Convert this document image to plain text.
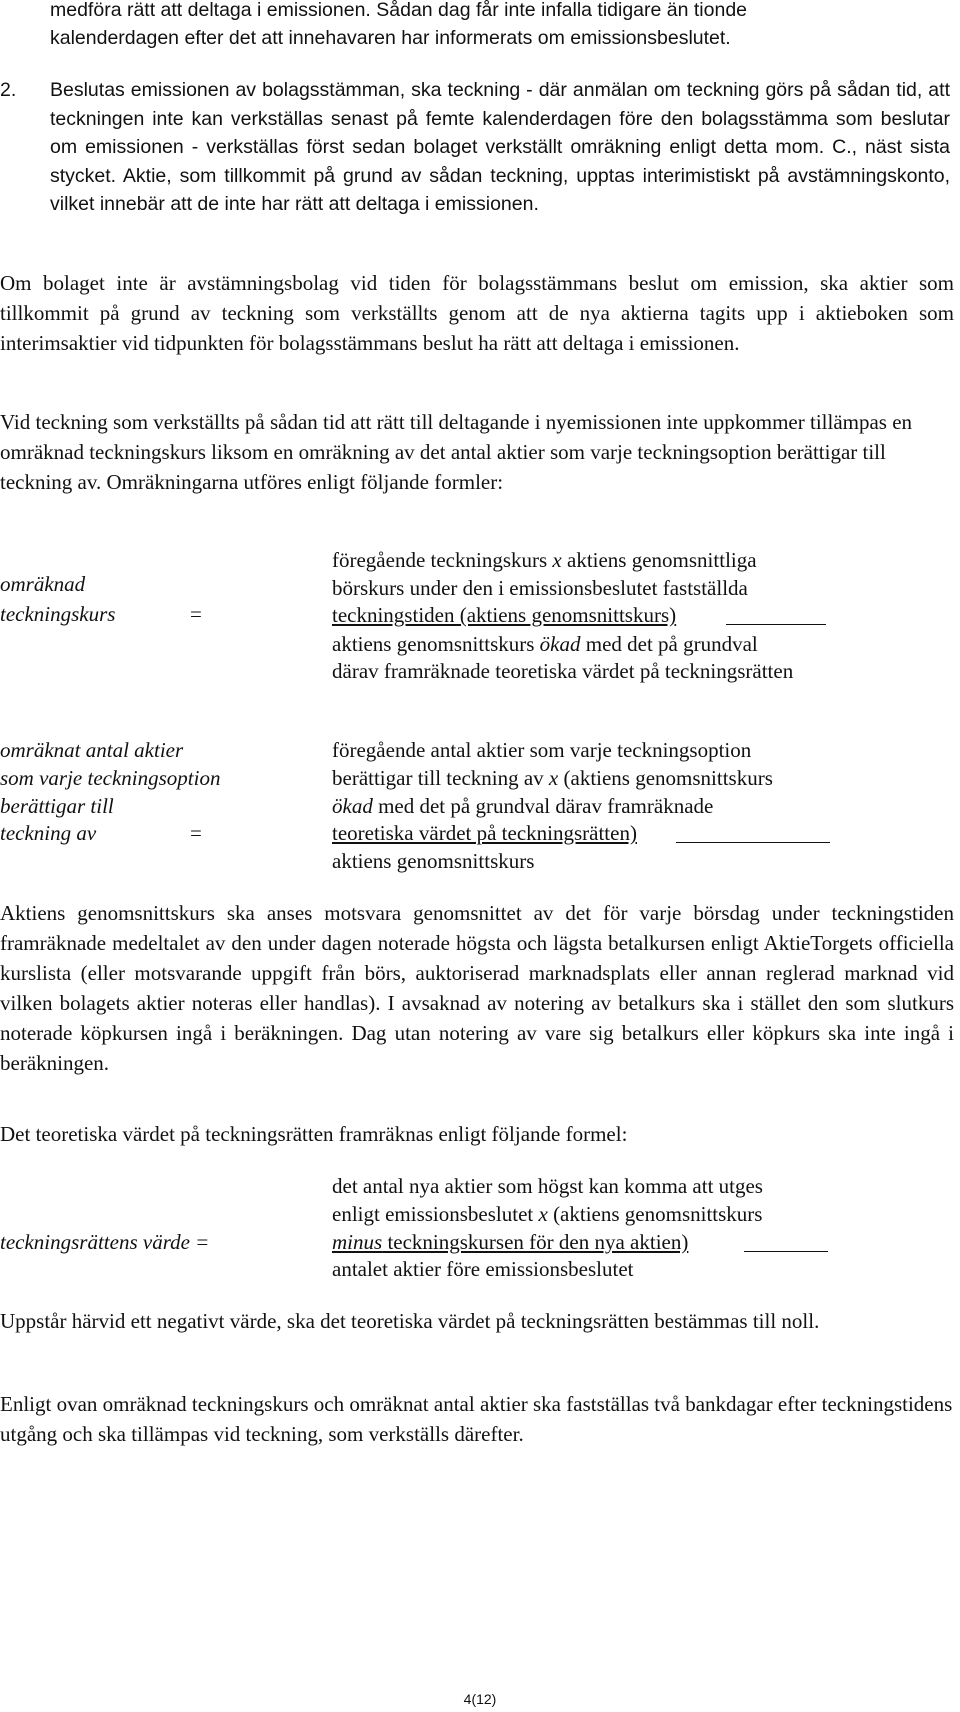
medföra rätt att deltaga i emissionen. Sådan dag får inte infalla tidigare än tionde
kalenderdagen efter det att innehavaren har informerats om emissionsbeslutet.
2. Beslutas emissionen av bolagsstämman, ska teckning - där anmälan om teckning görs på sådan tid, att teckningen inte kan verkställas senast på femte kalenderdagen före den bolagsstämma som beslutar om emissionen - verkställas först sedan bolaget verkställt omräkning enligt detta mom. C., näst sista stycket. Aktie, som tillkommit på grund av sådan teckning, upptas interimistiskt på avstämningskonto, vilket innebär att de inte har rätt att deltaga i emissionen.

Om bolaget inte är avstämningsbolag vid tiden för bolagsstämmans beslut om emission, ska aktier som tillkommit på grund av teckning som verkställts genom att de nya aktierna tagits upp i aktieboken som interimsaktier vid tidpunkten för bolagsstämmans beslut ha rätt att deltaga i emissionen.

Vid teckning som verkställts på sådan tid att rätt till deltagande i nyemissionen inte uppkommer tillämpas en omräknad teckningskurs liksom en omräkning av det antal aktier som varje teckningsoption berättigar till teckning av. Omräkningarna utföres enligt följande formler:

omräknad
teckningskurs	=
föregående teckningskurs x aktiens genomsnittliga
börskurs under den i emissionsbeslutet fastställda
teckningstiden (aktiens genomsnittskurs)
aktiens genomsnittskurs ökad med det på grundval
därav framräknade teoretiska värdet på teckningsrätten
omräknat antal aktier
som varje teckningsoption
berättigar till
teckning av	=
föregående antal aktier som varje teckningsoption
berättigar till teckning av x (aktiens genomsnittskurs
ökad med det på grundval därav framräknade
teoretiska värdet på teckningsrätten)
aktiens genomsnittskurs

Aktiens genomsnittskurs ska anses motsvara genomsnittet av det för varje börsdag under teckningstiden framräknade medeltalet av den under dagen noterade högsta och lägsta betalkursen enligt AktieTorgets officiella kurslista (eller motsvarande uppgift från börs, auktoriserad marknadsplats eller annan reglerad marknad vid vilken bolagets aktier noteras eller handlas). I avsaknad av notering av betalkurs ska i stället den som slutkurs noterade köpkursen ingå i beräkningen. Dag utan notering av vare sig betalkurs eller köpkurs ska inte ingå i beräkningen.

Det teoretiska värdet på teckningsrätten framräknas enligt följande formel:

teckningsrättens värde =
det antal nya aktier som högst kan komma att utges
enligt emissionsbeslutet x (aktiens genomsnittskurs
minus teckningskursen för den nya aktien)
antalet aktier före emissionsbeslutet

Uppstår härvid ett negativt värde, ska det teoretiska värdet på teckningsrätten bestämmas till noll.

Enligt ovan omräknad teckningskurs och omräknat antal aktier ska fastställas två bankdagar efter teckningstidens utgång och ska tillämpas vid teckning, som verkställs därefter.

4(12)
